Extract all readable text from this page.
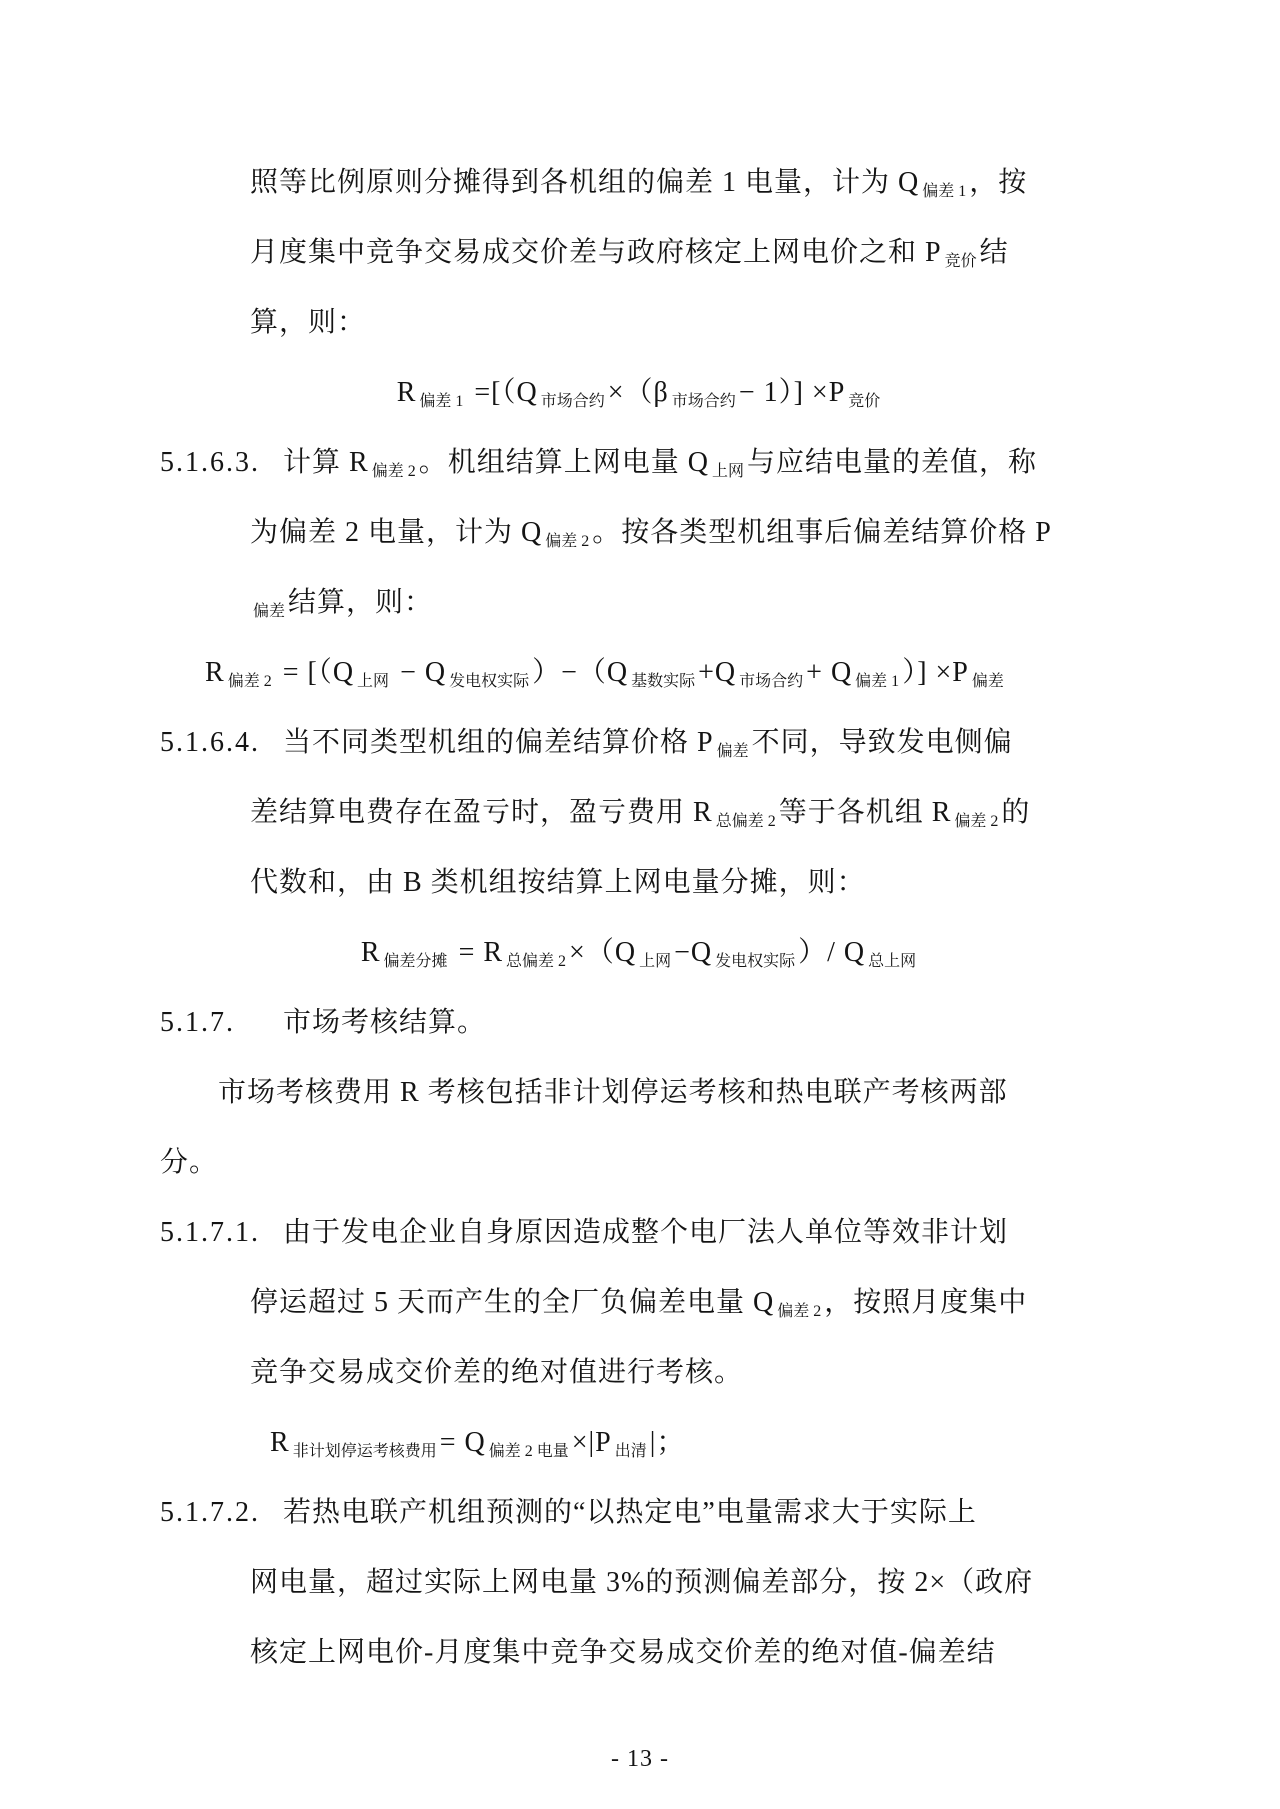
照等比例原则分摊得到各机组的偏差 1 电量，计为 Q $_{偏差 1}$ ，按
月度集中竞争交易成交价差与政府核定上网电价之和 P $_{竞价}$ 结
算，则：
R $_{偏差 1}$ =[（Q $_{市场合约}$ ×（β $_{市场合约}$ − 1）] ×P $_{竞价}$
5.1.6.3. 计算 R $_{偏差 2}$ 。机组结算上网电量 Q $_{上网}$ 与应结电量的差值，称
为偏差 2 电量，计为 Q $_{偏差 2}$ 。按各类型机组事后偏差结算价格 P
$_{偏差}$ 结算，则：
R $_{偏差 2}$ = [（Q $_{上网}$ − Q $_{发电权实际}$ ）−（Q $_{基数实际}$ +Q $_{市场合约}$ + Q $_{偏差 1}$ ）] ×P $_{偏差}$
5.1.6.4. 当不同类型机组的偏差结算价格 P $_{偏差}$ 不同，导致发电侧偏
差结算电费存在盈亏时，盈亏费用 R $_{总偏差 2}$ 等于各机组 R $_{偏差 2}$ 的
代数和，由 B 类机组按结算上网电量分摊，则：
R $_{偏差分摊}$ = R $_{总偏差 2}$ ×（Q $_{上网}$ −Q $_{发电权实际}$ ）/ Q $_{总上网}$
5.1.7. 市场考核结算。
市场考核费用 R 考核包括非计划停运考核和热电联产考核两部
分。
5.1.7.1. 由于发电企业自身原因造成整个电厂法人单位等效非计划
停运超过 5 天而产生的全厂负偏差电量 Q $_{偏差 2}$ ，按照月度集中
竞争交易成交价差的绝对值进行考核。
R $_{非计划停运考核费用}$ = Q $_{偏差 2 电量}$ ×|P $_{出清}$ |；
5.1.7.2. 若热电联产机组预测的“以热定电”电量需求大于实际上
网电量，超过实际上网电量 3%的预测偏差部分，按 2×（政府
核定上网电价-月度集中竞争交易成交价差的绝对值-偏差结
- 13 -
